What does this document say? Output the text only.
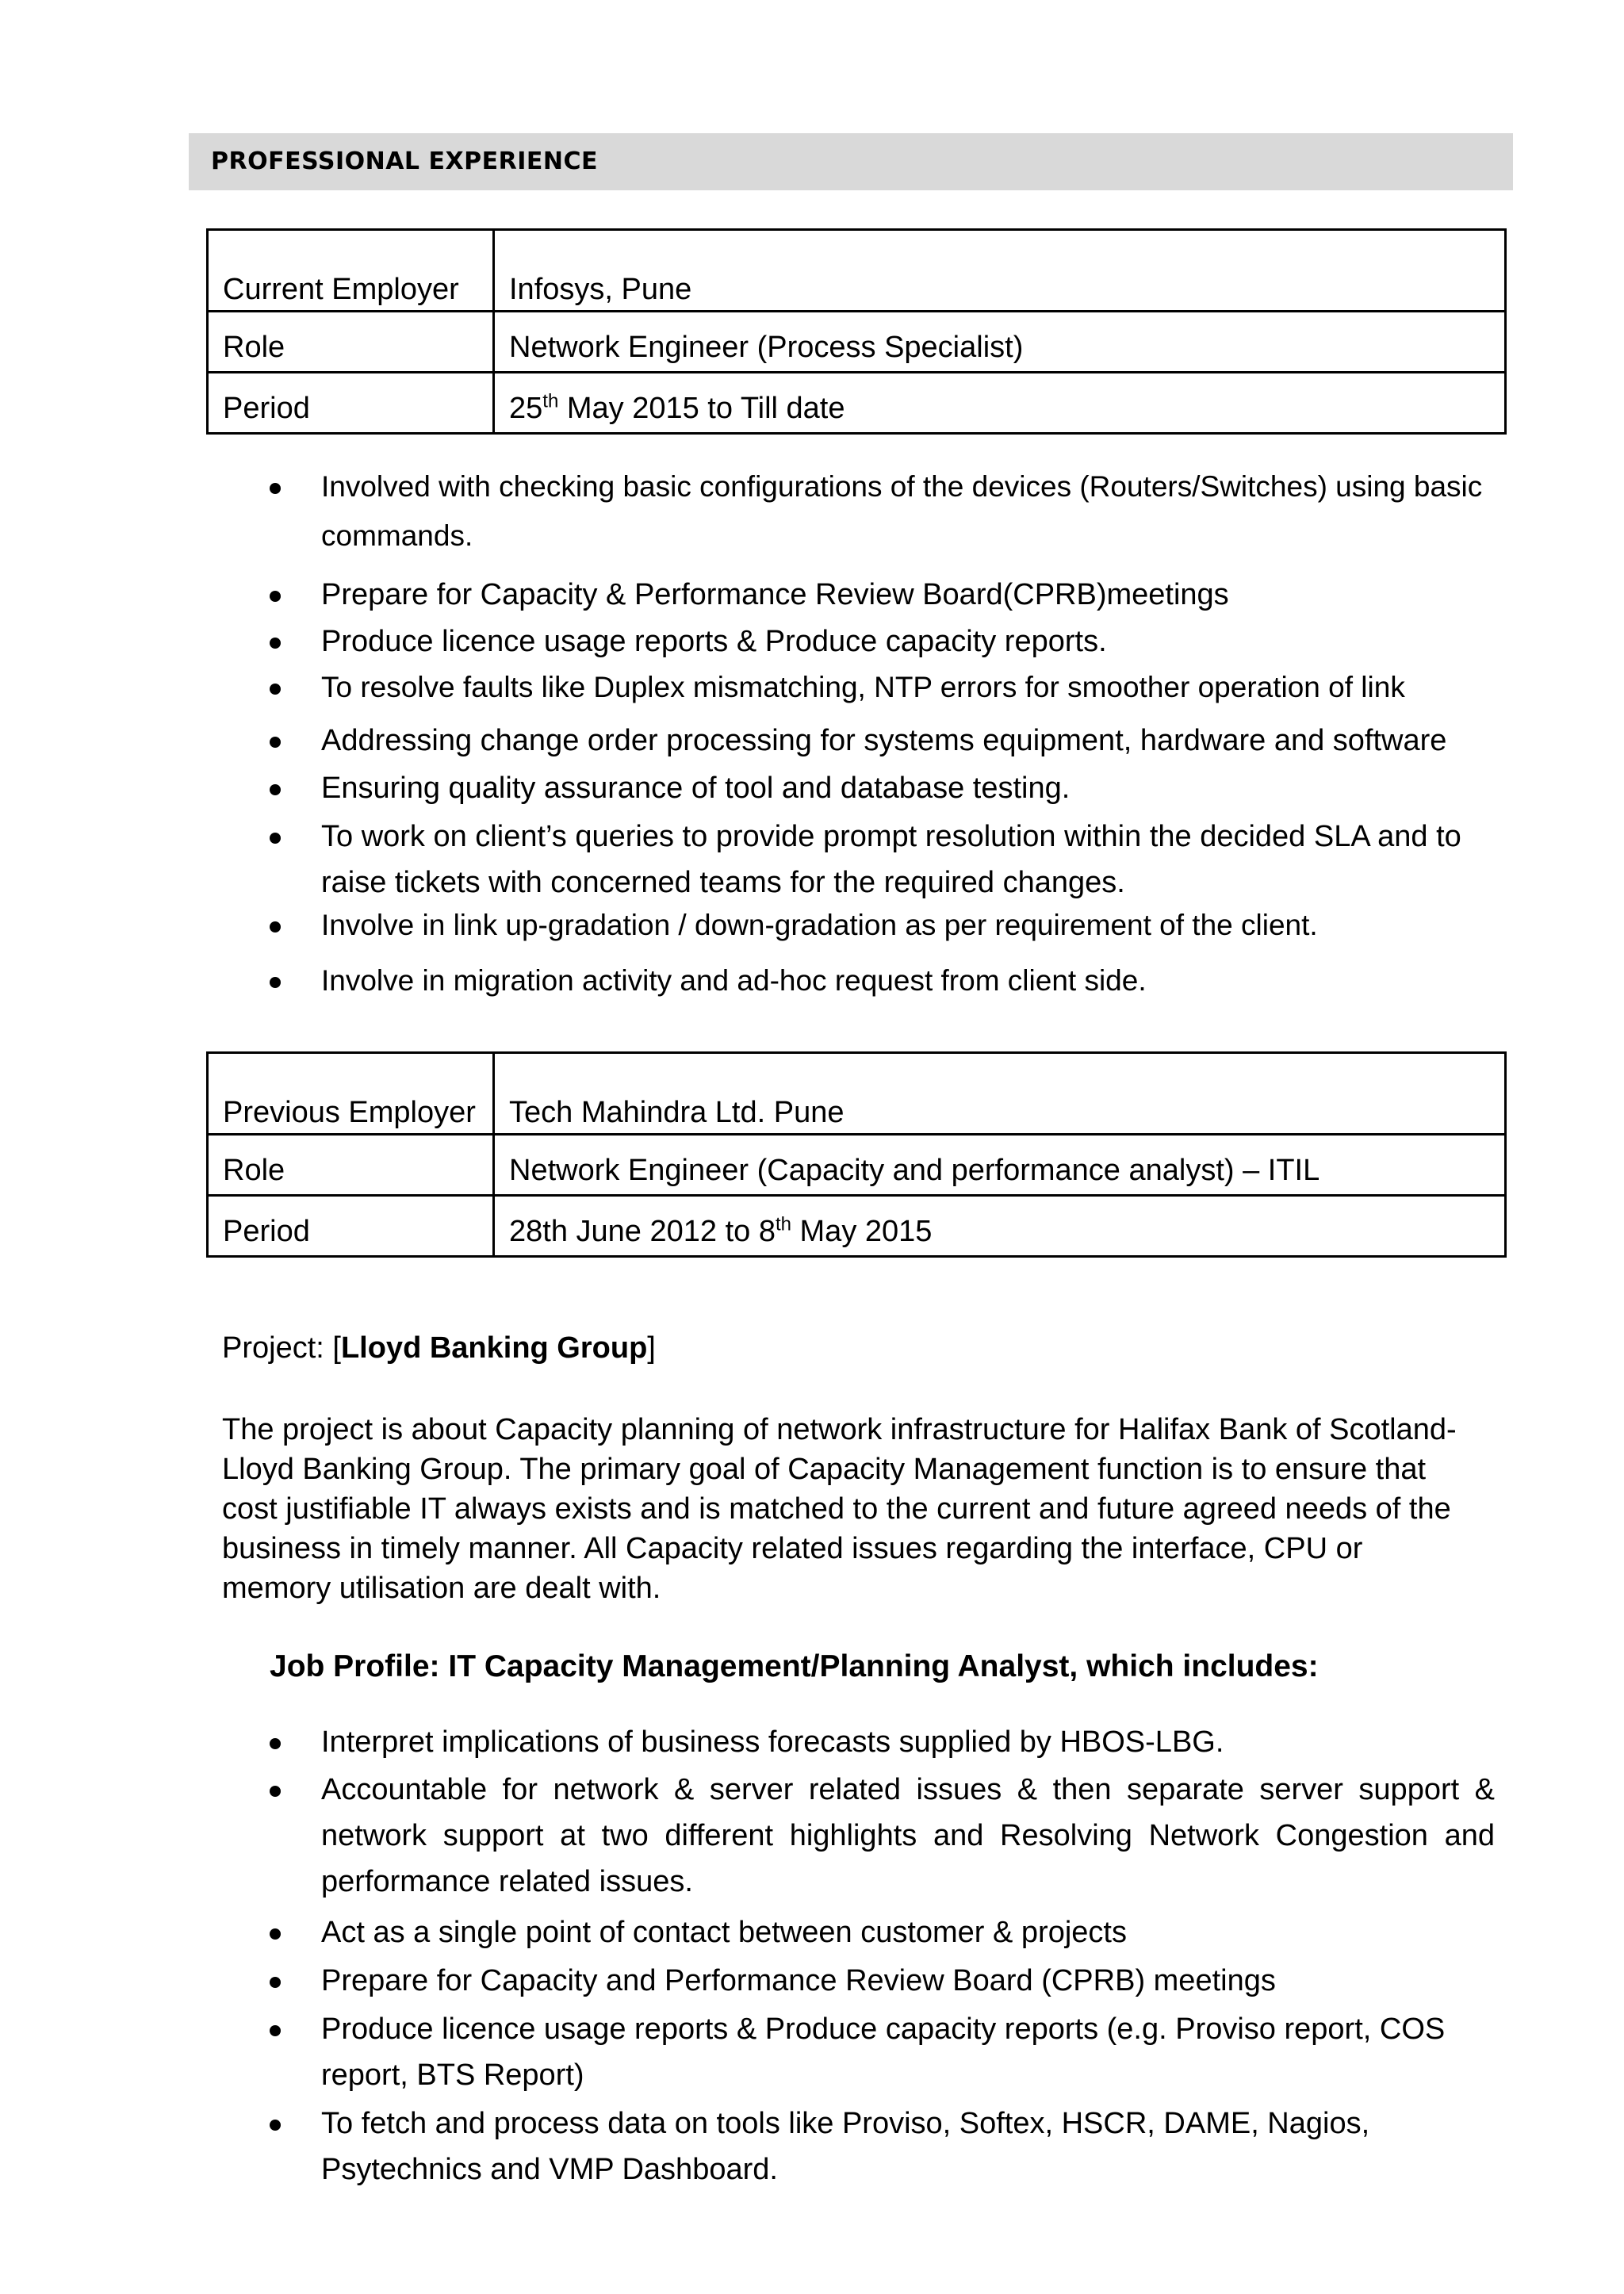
PROFESSIONAL EXPERIENCE
Current Employer	Infosys, Pune
Role	Network Engineer (Process Specialist)
Period	25th May 2015 to Till date
Involved with checking basic configurations of the devices (Routers/Switches) using basic commands.
Prepare for Capacity & Performance Review Board(CPRB)meetings
Produce licence usage reports & Produce capacity reports.
To resolve faults like Duplex mismatching, NTP errors for smoother operation of link
Addressing change order processing for systems equipment, hardware and software
Ensuring quality assurance of tool and database testing.
To work on client’s queries to provide prompt resolution within the decided SLA and to raise tickets with concerned teams for the required changes.
Involve in link up-gradation / down-gradation as per requirement of the client.
Involve in migration activity and ad-hoc request from client side.
Previous Employer	Tech Mahindra Ltd. Pune
Role	Network Engineer (Capacity and performance analyst) – ITIL
Period	28th June 2012 to 8th May 2015
Project: [Lloyd Banking Group]
The project is about Capacity planning of network infrastructure for Halifax Bank of Scotland-Lloyd Banking Group. The primary goal of Capacity Management function is to ensure that cost justifiable IT always exists and is matched to the current and future agreed needs of the business in timely manner. All Capacity related issues regarding the interface, CPU or memory utilisation are dealt with.
Job Profile: IT Capacity Management/Planning Analyst, which includes:
Interpret implications of business forecasts supplied by HBOS-LBG.
Accountable for network & server related issues & then separate server support & network support at two different highlights and Resolving Network Congestion and performance related issues.
Act as a single point of contact between customer & projects
Prepare for Capacity and Performance Review Board (CPRB) meetings
Produce licence usage reports & Produce capacity reports (e.g. Proviso report, COS report, BTS Report)
To fetch and process data on tools like Proviso, Softex, HSCR, DAME, Nagios, Psytechnics and VMP Dashboard.
